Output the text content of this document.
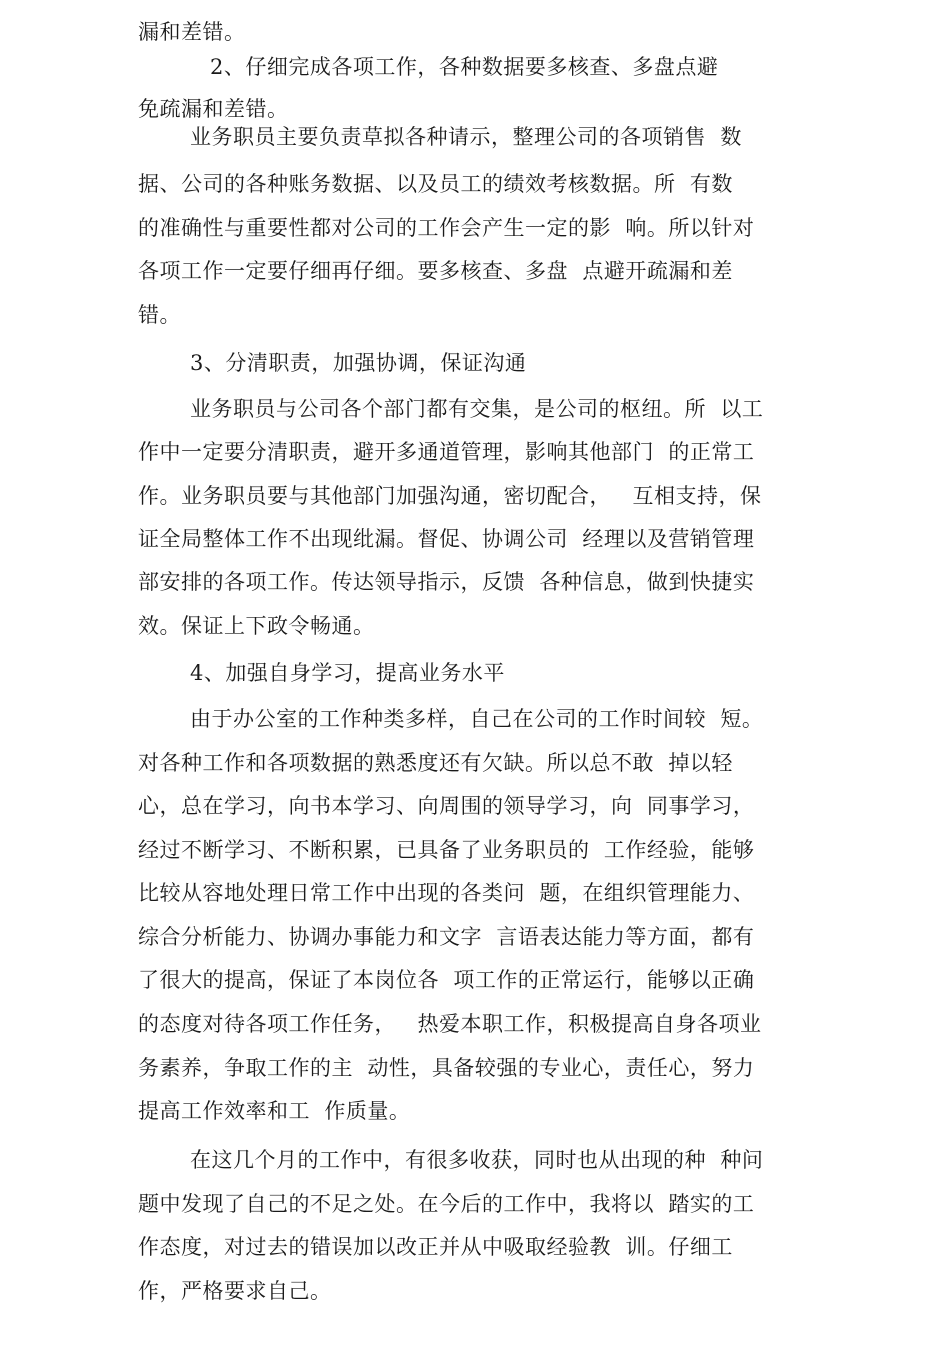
漏和差错。
2、仔细完成各项工作，各种数据要多核查、多盘点避
免疏漏和差错。
业务职员主要负责草拟各种请示，整理公司的各项销售  数
据、公司的各种账务数据、以及员工的绩效考核数据。所  有数
的准确性与重要性都对公司的工作会产生一定的影  响。所以针对
各项工作一定要仔细再仔细。要多核查、多盘  点避开疏漏和差
错。
3、分清职责，加强协调，保证沟通
业务职员与公司各个部门都有交集，是公司的枢纽。所  以工
作中一定要分清职责，避开多通道管理，影响其他部门  的正常工
作。业务职员要与其他部门加强沟通，密切配合，   互相支持，保
证全局整体工作不出现纰漏。督促、协调公司  经理以及营销管理
部安排的各项工作。传达领导指示，反馈  各种信息，做到快捷实
效。保证上下政令畅通。
4、加强自身学习，提高业务水平
由于办公室的工作种类多样，自己在公司的工作时间较  短。
对各种工作和各项数据的熟悉度还有欠缺。所以总不敢  掉以轻
心，总在学习，向书本学习、向周围的领导学习，向  同事学习，
经过不断学习、不断积累，已具备了业务职员的  工作经验，能够
比较从容地处理日常工作中出现的各类问  题，在组织管理能力、
综合分析能力、协调办事能力和文字  言语表达能力等方面，都有
了很大的提高，保证了本岗位各  项工作的正常运行，能够以正确
的态度对待各项工作任务，   热爱本职工作，积极提高自身各项业
务素养，争取工作的主  动性，具备较强的专业心，责任心，努力
提高工作效率和工  作质量。
在这几个月的工作中，有很多收获，同时也从出现的种  种问
题中发现了自己的不足之处。在今后的工作中，我将以  踏实的工
作态度，对过去的错误加以改正并从中吸取经验教  训。仔细工
作，严格要求自己。
